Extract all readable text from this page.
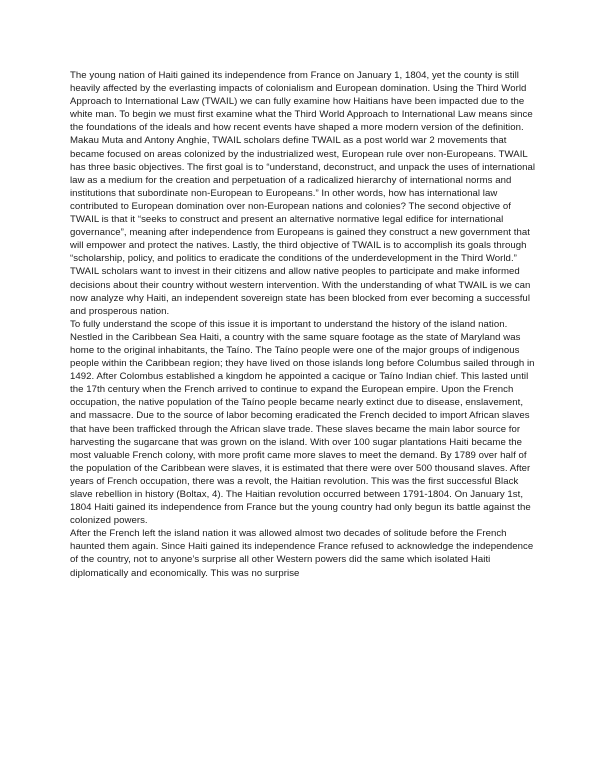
The young nation of Haiti gained its independence from France on January 1, 1804, yet the county is still heavily affected by the everlasting impacts of colonialism and European domination. Using the Third World Approach to International Law (TWAIL) we can fully examine how Haitians have been impacted due to the white man. To begin we must first examine what the Third World Approach to International Law means since the foundations of the ideals and how recent events have shaped a more modern version of the definition. Makau Muta and Antony Anghie, TWAIL scholars define TWAIL as a post world war 2 movements that became focused on areas colonized by the industrialized west, European rule over non-Europeans. TWAIL has three basic objectives. The first goal is to “understand, deconstruct, and unpack the uses of international law as a medium for the creation and perpetuation of a radicalized hierarchy of international norms and institutions that subordinate non-European to Europeans.” In other words, how has international law contributed to European domination over non-European nations and colonies? The second objective of TWAIL is that it “seeks to construct and present an alternative normative legal edifice for international governance”, meaning after independence from Europeans is gained they construct a new government that will empower and protect the natives. Lastly, the third objective of TWAIL is to accomplish its goals through “scholarship, policy, and politics to eradicate the conditions of the underdevelopment in the Third World.” TWAIL scholars want to invest in their citizens and allow native peoples to participate and make informed decisions about their country without western intervention. With the understanding of what TWAIL is we can now analyze why Haiti, an independent sovereign state has been blocked from ever becoming a successful and prosperous nation.

To fully understand the scope of this issue it is important to understand the history of the island nation. Nestled in the Caribbean Sea Haiti, a country with the same square footage as the state of Maryland was home to the original inhabitants, the Taíno. The Taíno people were one of the major groups of indigenous people within the Caribbean region; they have lived on those islands long before Columbus sailed through in 1492. After Colombus established a kingdom he appointed a cacique or Taíno Indian chief. This lasted until the 17th century when the French arrived to continue to expand the European empire. Upon the French occupation, the native population of the Taíno people became nearly extinct due to disease, enslavement, and massacre. Due to the source of labor becoming eradicated the French decided to import African slaves that have been trafficked through the African slave trade. These slaves became the main labor source for harvesting the sugarcane that was grown on the island. With over 100 sugar plantations Haiti became the most valuable French colony, with more profit came more slaves to meet the demand. By 1789 over half of the population of the Caribbean were slaves, it is estimated that there were over 500 thousand slaves. After years of French occupation, there was a revolt, the Haitian revolution. This was the first successful Black slave rebellion in history (Boltax, 4). The Haitian revolution occurred between 1791-1804. On January 1st, 1804 Haiti gained its independence from France but the young country had only begun its battle against the colonized powers.

After the French left the island nation it was allowed almost two decades of solitude before the French haunted them again. Since Haiti gained its independence France refused to acknowledge the independence of the country, not to anyone’s surprise all other Western powers did the same which isolated Haiti diplomatically and economically. This was no surprise
